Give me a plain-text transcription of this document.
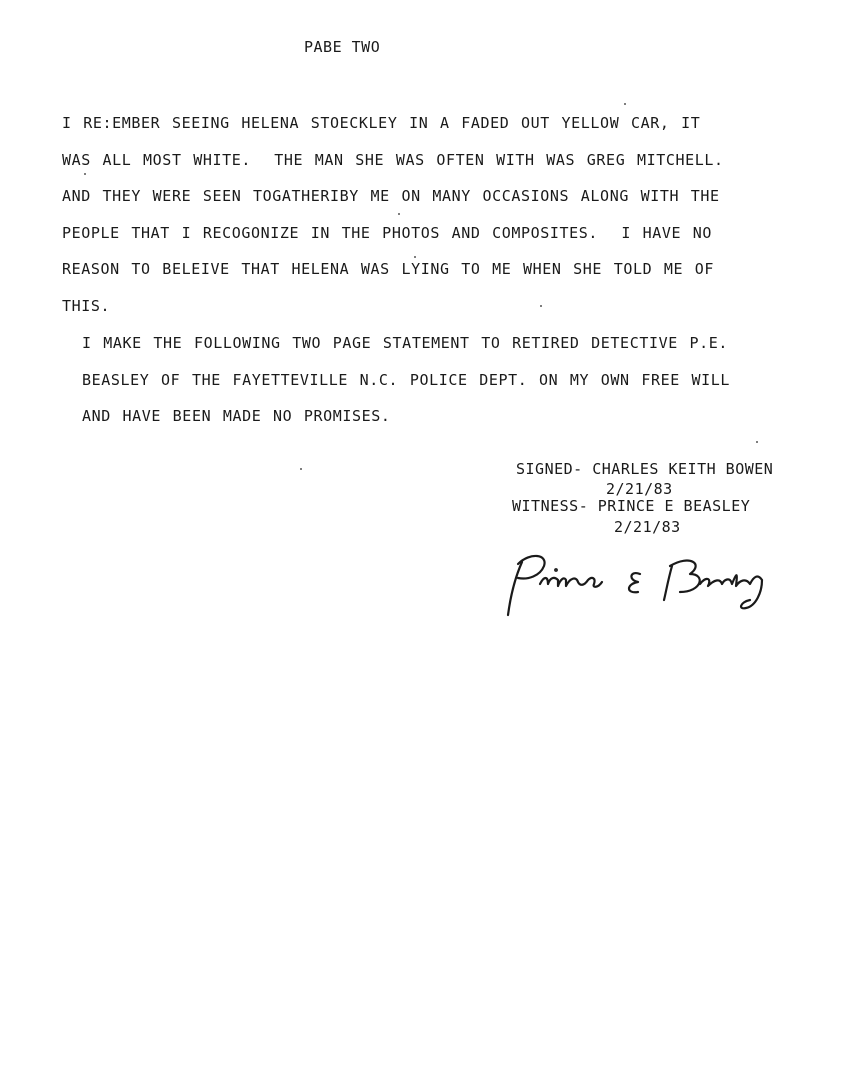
PABE TWO
I RE:EMBER SEEING HELENA STOECKLEY IN A FADED OUT YELLOW CAR, IT
WAS ALL MOST WHITE.  THE MAN SHE WAS OFTEN WITH WAS GREG MITCHELL.
AND THEY WERE SEEN TOGATHERIBY ME ON MANY OCCASIONS ALONG WITH THE
PEOPLE THAT I RECOGONIZE IN THE PHOTOS AND COMPOSITES.  I HAVE NO
REASON TO BELEIVE THAT HELENA WAS LYING TO ME WHEN SHE TOLD ME OF
THIS.
I MAKE THE FOLLOWING TWO PAGE STATEMENT TO RETIRED DETECTIVE P.E.
BEASLEY OF THE FAYETTEVILLE N.C. POLICE DEPT. ON MY OWN FREE WILL
AND HAVE BEEN MADE NO PROMISES.
SIGNED- CHARLES KEITH BOWEN
2/21/83
WITNESS- PRINCE E BEASLEY
2/21/83
